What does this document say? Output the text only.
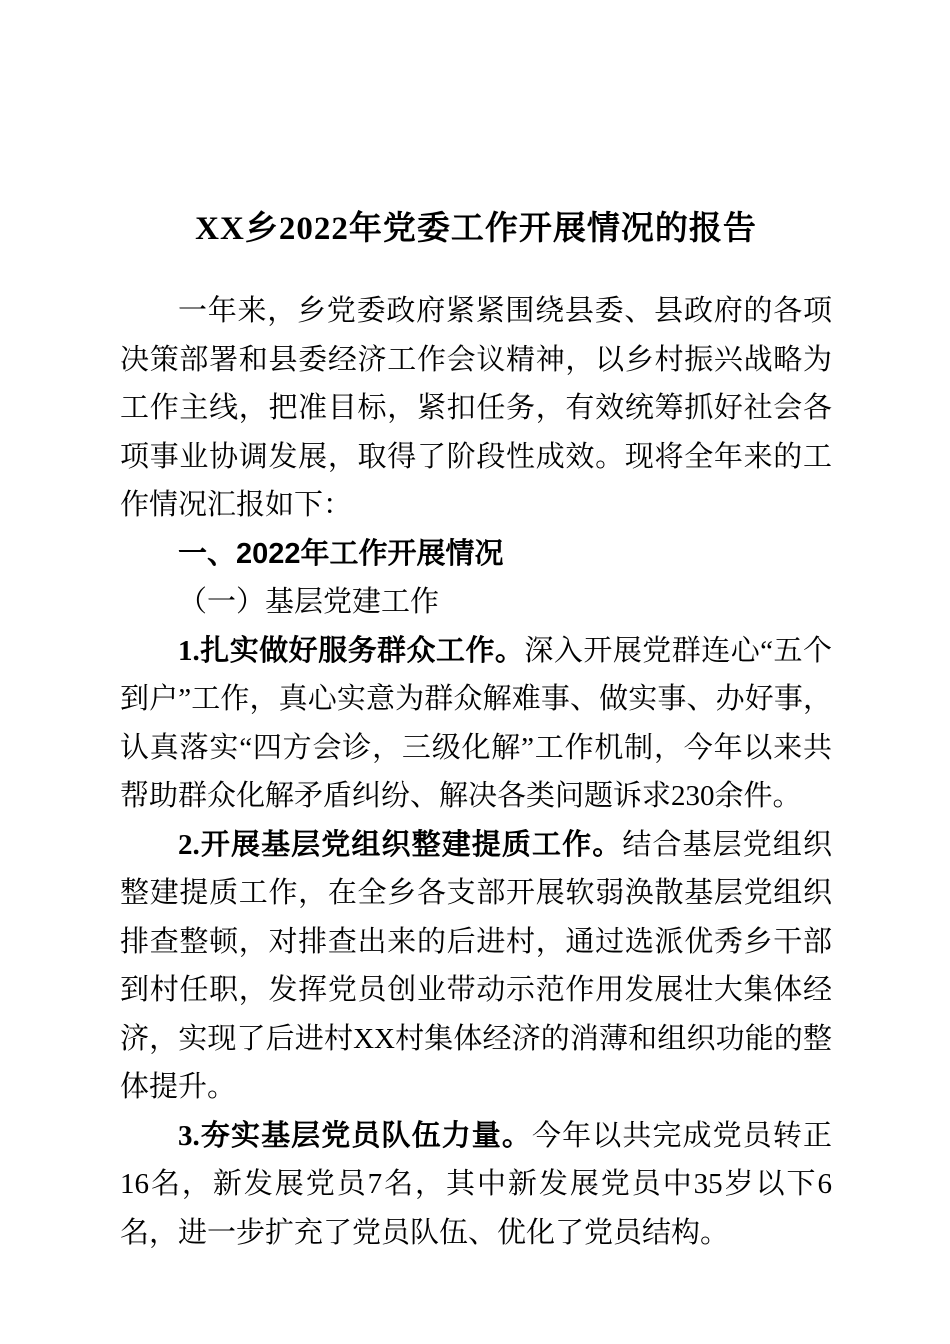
XX乡2022年党委工作开展情况的报告

一年来，乡党委政府紧紧围绕县委、县政府的各项决策部署和县委经济工作会议精神，以乡村振兴战略为工作主线，把准目标，紧扣任务，有效统筹抓好社会各项事业协调发展，取得了阶段性成效。现将全年来的工作情况汇报如下：

一、2022年工作开展情况
（一）基层党建工作

1.扎实做好服务群众工作。深入开展党群连心“五个到户”工作，真心实意为群众解难事、做实事、办好事，认真落实“四方会诊，三级化解”工作机制，今年以来共帮助群众化解矛盾纠纷、解决各类问题诉求230余件。

2.开展基层党组织整建提质工作。结合基层党组织整建提质工作，在全乡各支部开展软弱涣散基层党组织排查整顿，对排查出来的后进村，通过选派优秀乡干部到村任职，发挥党员创业带动示范作用发展壮大集体经济，实现了后进村XX村集体经济的消薄和组织功能的整体提升。

3.夯实基层党员队伍力量。今年以共完成党员转正16名，新发展党员7名，其中新发展党员中35岁以下6名，进一步扩充了党员队伍、优化了党员结构。
